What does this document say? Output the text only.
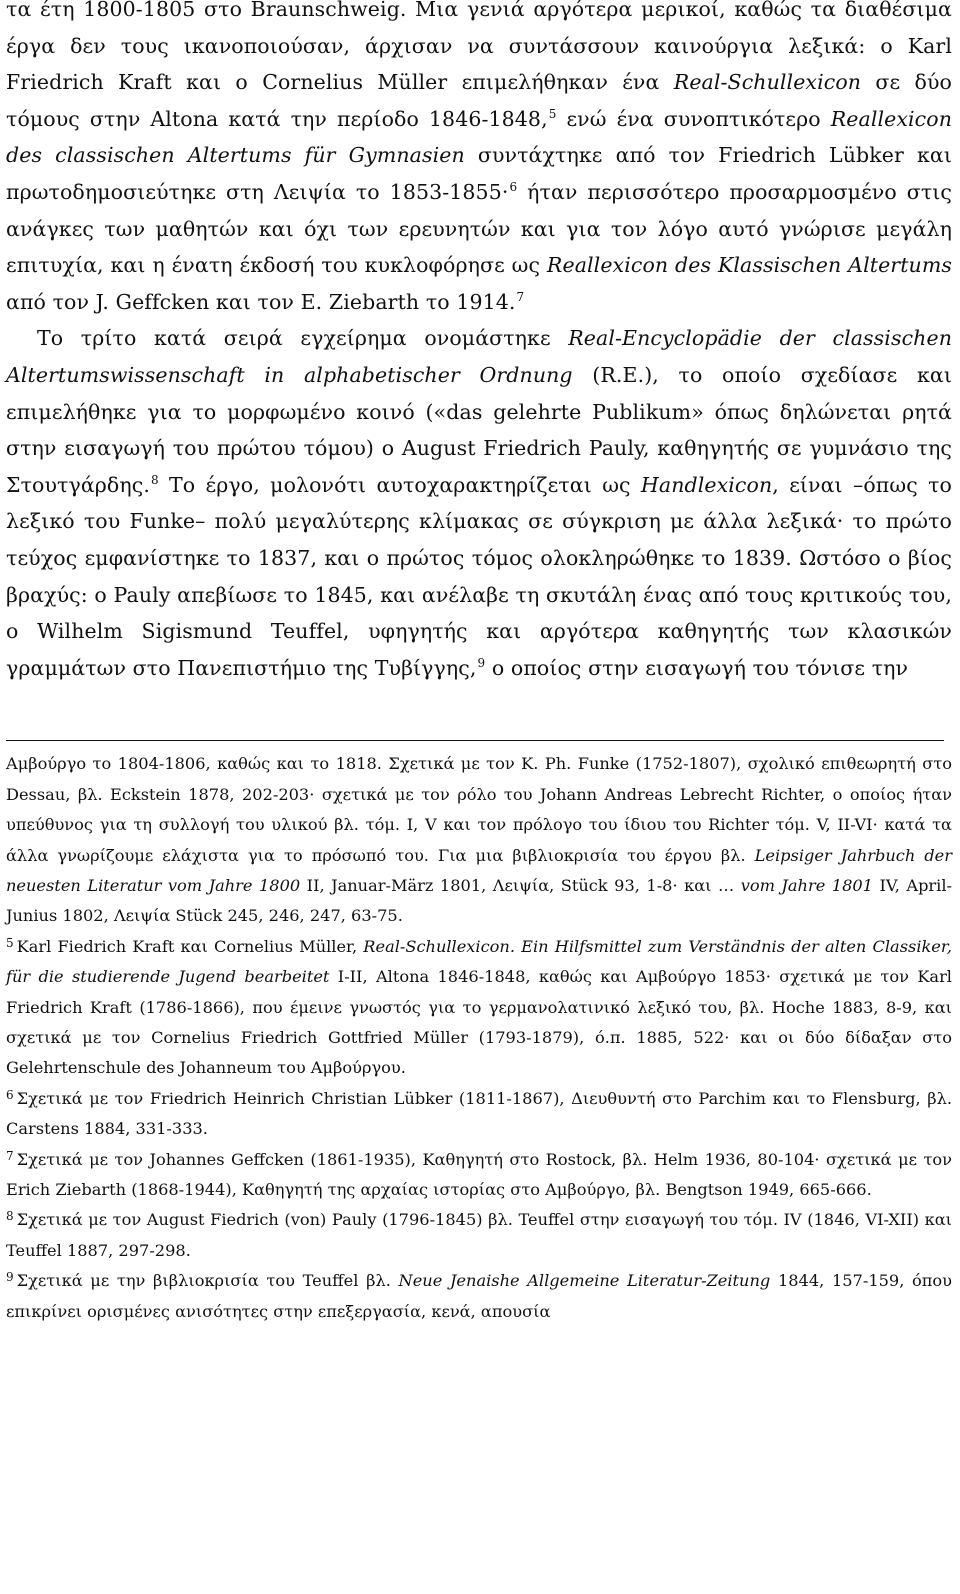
τα έτη 1800-1805 στο Braunschweig. Μια γενιά αργότερα μερικοί, καθώς τα διαθέσιμα έργα δεν τους ικανοποιούσαν, άρχισαν να συντάσσουν καινούργια λεξικά: ο Karl Friedrich Kraft και ο Cornelius Müller επιμελήθηκαν ένα Real-Schullexicon σε δύο τόμους στην Altona κατά την περίοδο 1846-1848,$^5$ ενώ ένα συνοπτικότερο Reallexicon des classischen Altertums für Gymnasien συντάχτηκε από τον Friedrich Lübker και πρωτοδημοσιεύτηκε στη Λειψία το 1853-1855·$^6$ ήταν περισσότερο προσαρμοσμένο στις ανάγκες των μαθητών και όχι των ερευνητών και για τον λόγο αυτό γνώρισε μεγάλη επιτυχία, και η ένατη έκδοσή του κυκλοφόρησε ως Reallexicon des Klassischen Altertums από τον J. Geffcken και τον E. Ziebarth το 1914.$^7$

Το τρίτο κατά σειρά εγχείρημα ονομάστηκε Real-Encyclopädie der classischen Altertumswissenschaft in alphabetischer Ordnung (R.E.), το οποίο σχεδίασε και επιμελήθηκε για το μορφωμένο κοινό («das gelehrte Publikum» όπως δηλώνεται ρητά στην εισαγωγή του πρώτου τόμου) ο August Friedrich Pauly, καθηγητής σε γυμνάσιο της Στουτγάρδης.$^8$ Το έργο, μολονότι αυτοχαρακτηρίζεται ως Handlexicon, είναι –όπως το λεξικό του Funke– πολύ μεγαλύτερης κλίμακας σε σύγκριση με άλλα λεξικά· το πρώτο τεύχος εμφανίστηκε το 1837, και ο πρώτος τόμος ολοκληρώθηκε το 1839. Ωστόσο ο βίος βραχύς: ο Pauly απεβίωσε το 1845, και ανέλαβε τη σκυτάλη ένας από τους κριτικούς του, ο Wilhelm Sigismund Teuffel, υφηγητής και αργότερα καθηγητής των κλασικών γραμμάτων στο Πανεπιστήμιο της Τυβίγγης,$^9$ ο οποίος στην εισαγωγή του τόνισε την

Αμβούργο το 1804-1806, καθώς και το 1818. Σχετικά με τον K. Ph. Funke (1752-1807), σχολικό επιθεωρητή στο Dessau, βλ. Eckstein 1878, 202-203· σχετικά με τον ρόλο του Johann Andreas Lebrecht Richter, ο οποίος ήταν υπεύθυνος για τη συλλογή του υλικού βλ. τόμ. I, V και τον πρόλογο του ίδιου του Richter τόμ. V, II-VI· κατά τα άλλα γνωρίζουμε ελάχιστα για το πρόσωπό του. Για μια βιβλιοκρισία του έργου βλ. Leipsiger Jahrbuch der neuesten Literatur vom Jahre 1800 II, Januar-März 1801, Λειψία, Stück 93, 1-8· και … vom Jahre 1801 IV, April-Junius 1802, Λειψία Stück 245, 246, 247, 63-75.

$^5$ Karl Fiedrich Kraft και Cornelius Müller, Real-Schullexicon. Ein Hilfsmittel zum Verständnis der alten Classiker, für die studierende Jugend bearbeitet I-II, Altona 1846-1848, καθώς και Αμβούργο 1853· σχετικά με τον Karl Friedrich Kraft (1786-1866), που έμεινε γνωστός για το γερμανολατινικό λεξικό του, βλ. Hoche 1883, 8-9, και σχετικά με τον Cornelius Friedrich Gottfried Müller (1793-1879), ό.π. 1885, 522· και οι δύο δίδαξαν στο Gelehrtenschule des Johanneum του Αμβούργου.

$^6$ Σχετικά με τον Friedrich Heinrich Christian Lübker (1811-1867), Διευθυντή στο Parchim και το Flensburg, βλ. Carstens 1884, 331-333.

$^7$ Σχετικά με τον Johannes Geffcken (1861-1935), Καθηγητή στο Rostock, βλ. Helm 1936, 80-104· σχετικά με τον Erich Ziebarth (1868-1944), Καθηγητή της αρχαίας ιστορίας στο Αμβούργο, βλ. Bengtson 1949, 665-666.

$^8$ Σχετικά με τον August Fiedrich (von) Pauly (1796-1845) βλ. Teuffel στην εισαγωγή του τόμ. IV (1846, VI-XII) και Teuffel 1887, 297-298.

$^9$ Σχετικά με την βιβλιοκρισία του Teuffel βλ. Neue Jenaishe Allgemeine Literatur-Zeitung 1844, 157-159, όπου επικρίνει ορισμένες ανισότητες στην επεξεργασία, κενά, απουσία
